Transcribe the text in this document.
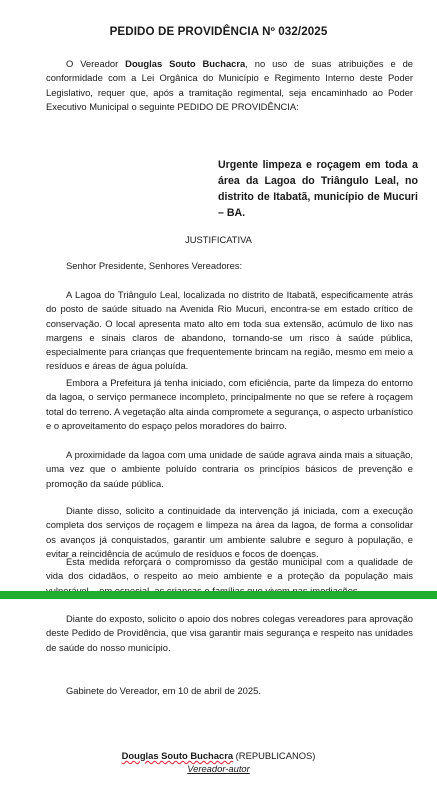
PEDIDO DE PROVIDÊNCIA Nº 032/2025

O Vereador Douglas Souto Buchacra, no uso de suas atribuições e de conformidade com a Lei Orgânica do Município e Regimento Interno deste Poder Legislativo, requer que, após a tramitação regimental, seja encaminhado ao Poder Executivo Municipal o seguinte PEDIDO DE PROVIDÊNCIA:

Urgente limpeza e roçagem em toda a área da Lagoa do Triângulo Leal, no distrito de Itabatã, município de Mucuri – BA.
JUSTIFICATIVA

Senhor Presidente, Senhores Vereadores:

A Lagoa do Triângulo Leal, localizada no distrito de Itabatã, especificamente atrás do posto de saúde situado na Avenida Rio Mucuri, encontra-se em estado crítico de conservação. O local apresenta mato alto em toda sua extensão, acúmulo de lixo nas margens e sinais claros de abandono, tornando-se um risco à saúde pública, especialmente para crianças que frequentemente brincam na região, mesmo em meio a resíduos e áreas de água poluída.

Embora a Prefeitura já tenha iniciado, com eficiência, parte da limpeza do entorno da lagoa, o serviço permanece incompleto, principalmente no que se refere à roçagem total do terreno. A vegetação alta ainda compromete a segurança, o aspecto urbanístico e o aproveitamento do espaço pelos moradores do bairro.

A proximidade da lagoa com uma unidade de saúde agrava ainda mais a situação, uma vez que o ambiente poluído contraria os princípios básicos de prevenção e promoção da saúde pública.

Diante disso, solicito a continuidade da intervenção já iniciada, com a execução completa dos serviços de roçagem e limpeza na área da lagoa, de forma a consolidar os avanços já conquistados, garantir um ambiente salubre e seguro à população, e evitar a reincidência de acúmulo de resíduos e focos de doenças.

Esta medida reforçará o compromisso da gestão municipal com a qualidade de vida dos cidadãos, o respeito ao meio ambiente e a proteção da população mais

Diante do exposto, solicito o apoio dos nobres colegas vereadores para aprovação deste Pedido de Providência, que visa garantir mais segurança e respeito nas unidades de saúde do nosso município.

Gabinete do Vereador, em 10 de abril de 2025.

Douglas Souto Buchacra (REPUBLICANOS)
Vereador-autor
